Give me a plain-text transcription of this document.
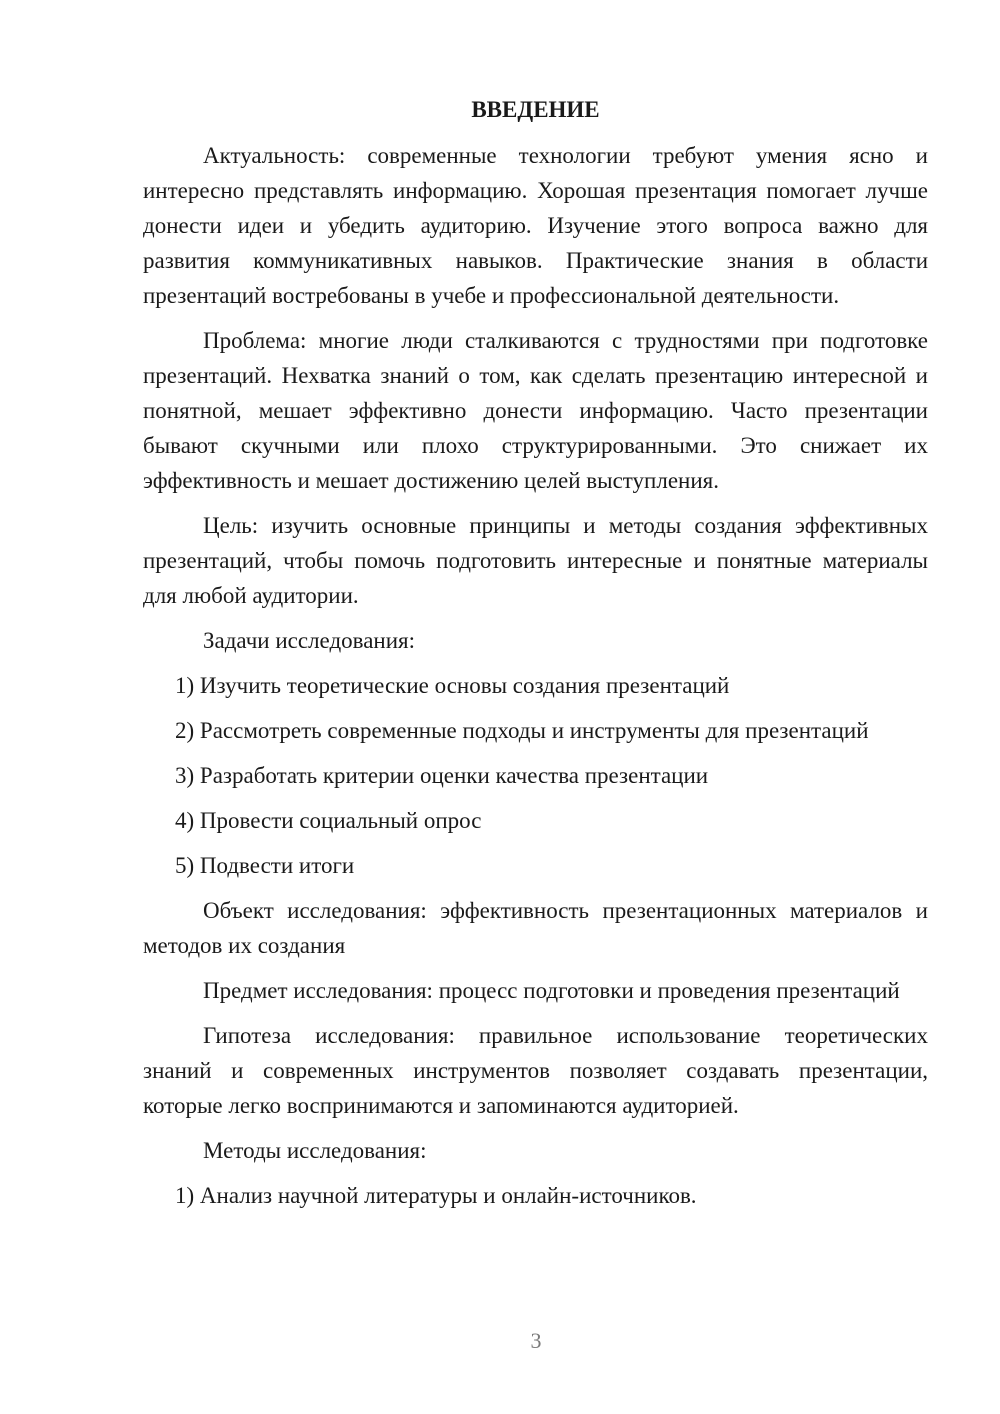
ВВЕДЕНИЕ

Актуальность: современные технологии требуют умения ясно и интересно представлять информацию. Хорошая презентация помогает лучше донести идеи и убедить аудиторию. Изучение этого вопроса важно для развития коммуникативных навыков. Практические знания в области презентаций востребованы в учебе и профессиональной деятельности.

Проблема: многие люди сталкиваются с трудностями при подготовке презентаций. Нехватка знаний о том, как сделать презентацию интересной и понятной, мешает эффективно донести информацию. Часто презентации бывают скучными или плохо структурированными. Это снижает их эффективность и мешает достижению целей выступления.

Цель: изучить основные принципы и методы создания эффективных презентаций, чтобы помочь подготовить интересные и понятные материалы для любой аудитории.

Задачи исследования:

1) Изучить теоретические основы создания презентаций
2) Рассмотреть современные подходы и инструменты для презентаций
3) Разработать критерии оценки качества презентации
4) Провести социальный опрос
5) Подвести итоги

Объект исследования: эффективность презентационных материалов и методов их создания

Предмет исследования: процесс подготовки и проведения презентаций

Гипотеза исследования: правильное использование теоретических знаний и современных инструментов позволяет создавать презентации, которые легко воспринимаются и запоминаются аудиторией.

Методы исследования:

1) Анализ научной литературы и онлайн-источников.
3
